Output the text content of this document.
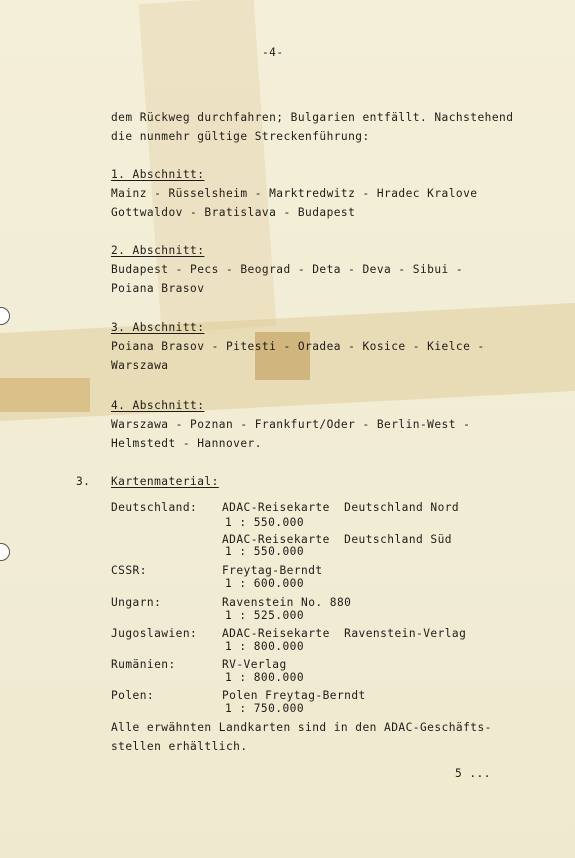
-4-
dem Rückweg durchfahren; Bulgarien entfällt. Nachstehend
die nunmehr gültige Streckenführung:
1. Abschnitt:
Mainz - Rüsselsheim - Marktredwitz - Hradec Kralove
Gottwaldov - Bratislava - Budapest
2. Abschnitt:
Budapest - Pecs - Beograd - Deta - Deva - Sibui -
Poiana Brasov
3. Abschnitt:
Poiana Brasov - Pitesti - Oradea - Kosice - Kielce -
Warszawa
4. Abschnitt:
Warszawa - Poznan - Frankfurt/Oder - Berlin-West -
Helmstedt - Hannover.
3. Kartenmaterial:
Deutschland: ADAC-Reisekarte  Deutschland Nord
1 : 550.000
ADAC-Reisekarte  Deutschland Süd
1 : 550.000
CSSR:	Freytag-Berndt
1 : 600.000
Ungarn:	Ravenstein No. 880
1 : 525.000
Jugoslawien: ADAC-Reisekarte  Ravenstein-Verlag
1 : 800.000
Rumänien:	RV-Verlag
1 : 800.000
Polen:	Polen Freytag-Berndt
1 : 750.000
Alle erwähnten Landkarten sind in den ADAC-Geschäfts-
stellen erhältlich.
5 ...
